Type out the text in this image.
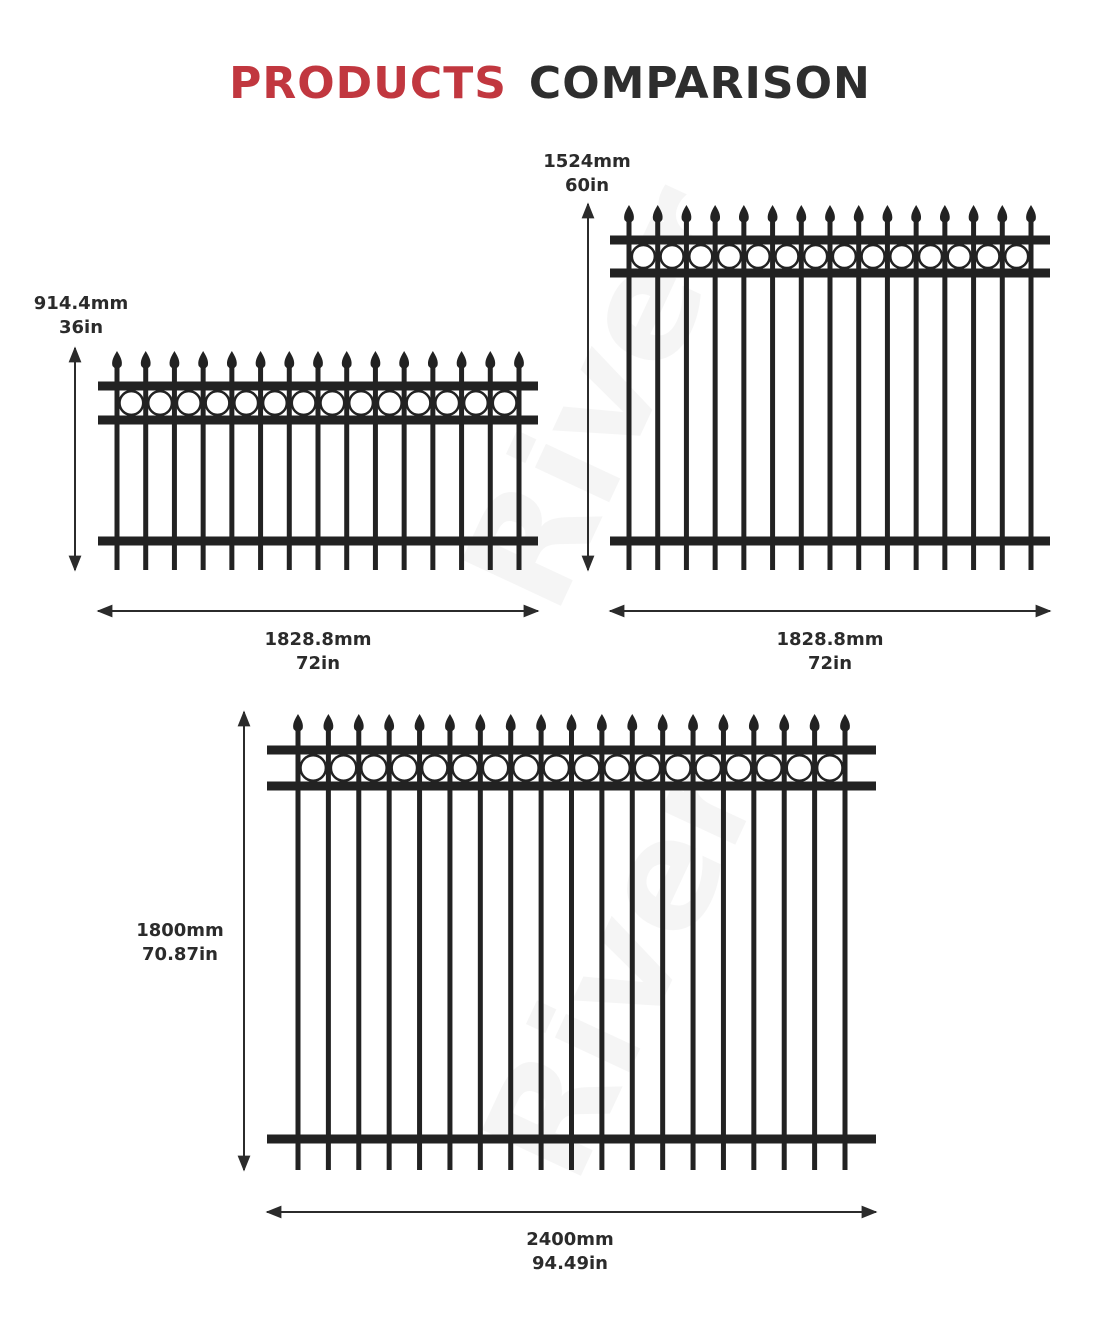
PRODUCTS COMPARISON
914.4mm
36in
1828.8mm
72in
1524mm
60in
1828.8mm
72in
1800mm
70.87in
2400mm
94.49in
